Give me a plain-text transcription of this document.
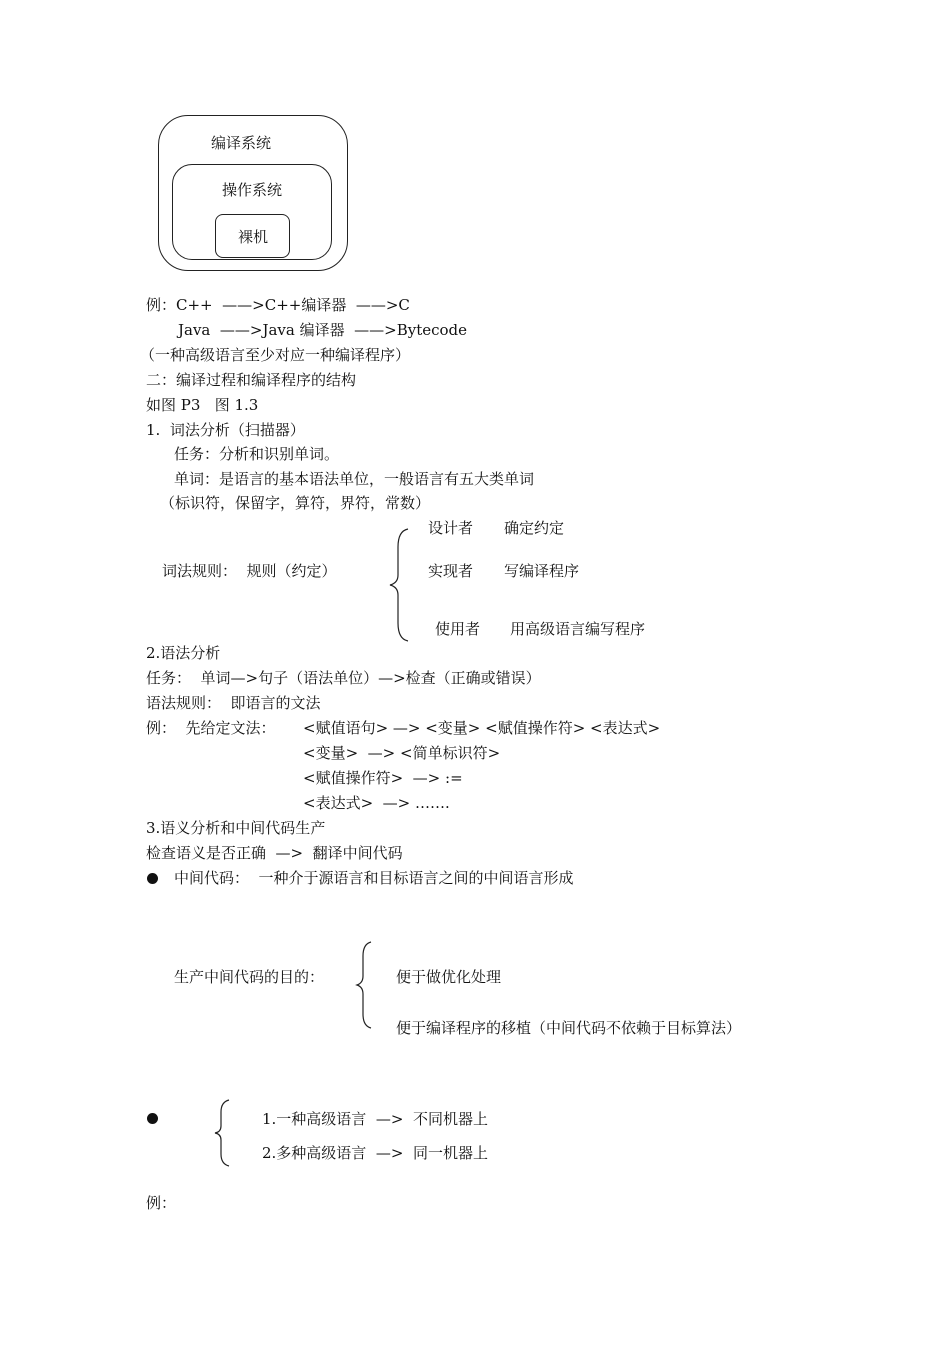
编译系统
操作系统
裸机
例：C++  ——>C++编译器  ——>C
Java  ——>Java 编译器  ——>Bytecode
（一种高级语言至少对应一种编译程序）
二：编译过程和编译程序的结构
如图 P3   图 1.3
1.  词法分析（扫描器）
任务：分析和识别单词。
单词：是语言的基本语法单位，一般语言有五大类单词
（标识符，保留字，算符，界符，常数）
词法规则：  规则（约定）
设计者 确定约定
实现者 写编译程序
使用者 用高级语言编写程序
2.语法分析
任务：  单词—>句子（语法单位）—>检查（正确或错误）
语法规则：  即语言的文法
例：  先给定文法： <赋值语句> —> <变量> <赋值操作符> <表达式>
<变量>  —> <简单标识符>
<赋值操作符>  —> :=
<表达式>  —> …….
3.语义分析和中间代码生产
检查语义是否正确  —>  翻译中间代码
中间代码：  一种介于源语言和目标语言之间的中间语言形成
生产中间代码的目的：	便于做优化处理
便于编译程序的移植（中间代码不依赖于目标算法）
1.一种高级语言  —>  不同机器上
2.多种高级语言  —>  同一机器上
例：
